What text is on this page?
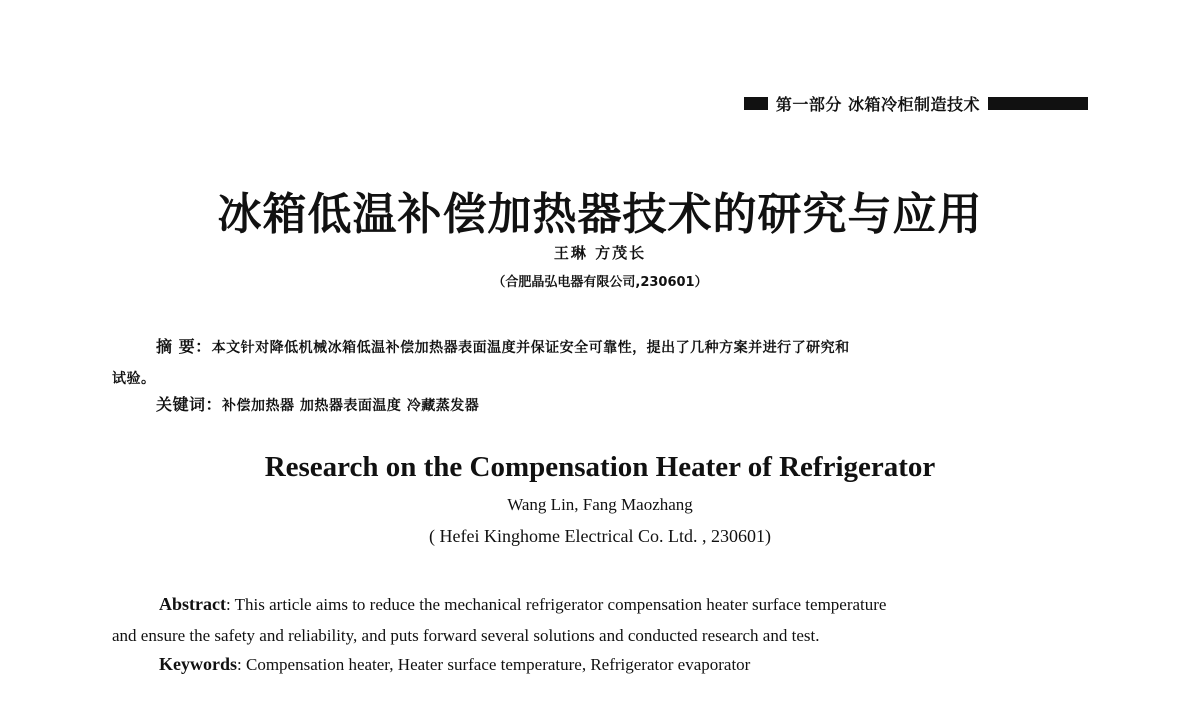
第一部分 冰箱冷柜制造技术
冰箱低温补偿加热器技术的研究与应用
王琳 方茂长
（合肥晶弘电器有限公司,230601）
摘 要：本文针对降低机械冰箱低温补偿加热器表面温度并保证安全可靠性，提出了几种方案并进行了研究和
试验。
关键词：补偿加热器 加热器表面温度 冷藏蒸发器
Research on the Compensation Heater of Refrigerator
Wang Lin, Fang Maozhang
( Hefei Kinghome Electrical Co. Ltd. , 230601)
Abstract: This article aims to reduce the mechanical refrigerator compensation heater surface temperature
and ensure the safety and reliability, and puts forward several solutions and conducted research and test.
Keywords: Compensation heater, Heater surface temperature, Refrigerator evaporator
